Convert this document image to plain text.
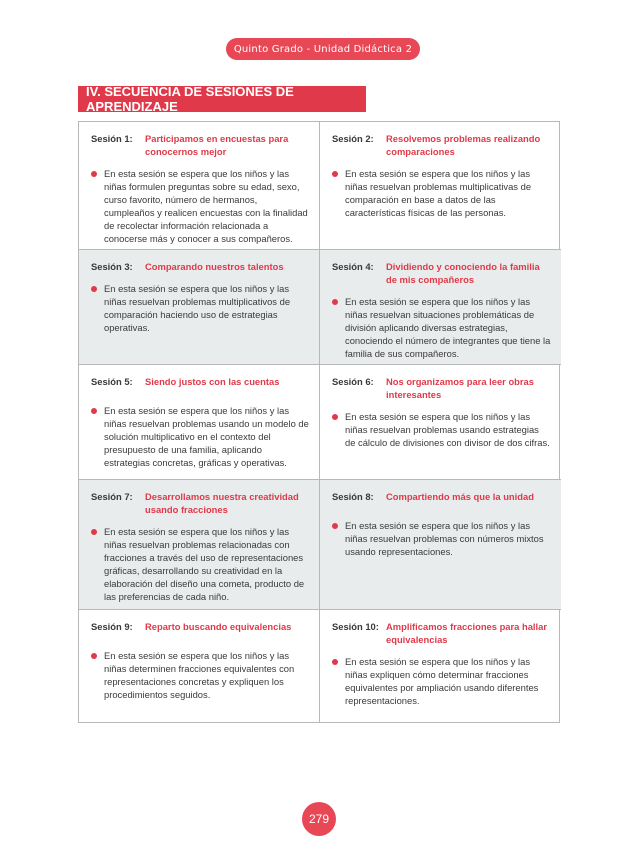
Quinto Grado - Unidad Didáctica 2
IV. SECUENCIA DE SESIONES DE APRENDIZAJE
Sesión 1:	Participamos en encuestas para conocernos mejor
En esta sesión se espera que los niños y las niñas formulen preguntas sobre su edad, sexo, curso favorito, número de hermanos, cumpleaños y realicen encuestas con la finalidad de recolectar información relacionada a conocerse más y conocer a sus compañeros.
Sesión 2:	Resolvemos problemas realizando comparaciones
En esta sesión se espera que los niños y las niñas resuelvan problemas multiplicativas de comparación en base a datos de las características físicas de las personas.
Sesión 3:	Comparando nuestros talentos
En esta sesión se espera que los niños y las niñas resuelvan problemas multiplicativos de comparación haciendo uso de estrategias operativas.
Sesión 4:	Dividiendo y conociendo la familia de mis compañeros
En esta sesión se espera que los niños y las niñas resuelvan situaciones problemáticas de división aplicando diversas estrategias, conociendo el número de integrantes que tiene la familia de sus compañeros.
Sesión 5:	Siendo justos con las cuentas
En esta sesión se espera que los niños y las niñas resuelvan problemas usando un modelo de solución multiplicativo en el contexto del presupuesto de una familia, aplicando estrategias concretas, gráficas y operativas.
Sesión 6:	Nos organizamos para leer obras interesantes
En esta sesión se espera que los niños y las niñas resuelvan problemas usando estrategias de cálculo de divisiones con divisor de dos cifras.
Sesión 7:	Desarrollamos nuestra creatividad usando fracciones
En esta sesión se espera que los niños y las niñas resuelvan problemas relacionadas con fracciones a través del uso de representaciones gráficas, desarrollando su creatividad en la elaboración del diseño una cometa, producto de las preferencias de cada niño.
Sesión 8:	Compartiendo más que la unidad
En esta sesión se espera que los niños y las niñas resuelvan problemas con números mixtos usando representaciones.
Sesión 9:	Reparto buscando equivalencias
En esta sesión se espera que los niños y las niñas determinen fracciones equivalentes con representaciones concretas y expliquen los procedimientos seguidos.
Sesión 10: Amplificamos fracciones para hallar equivalencias
En esta sesión se espera que los niños y las niñas expliquen cómo determinar fracciones equivalentes por ampliación usando diferentes representaciones.
279
